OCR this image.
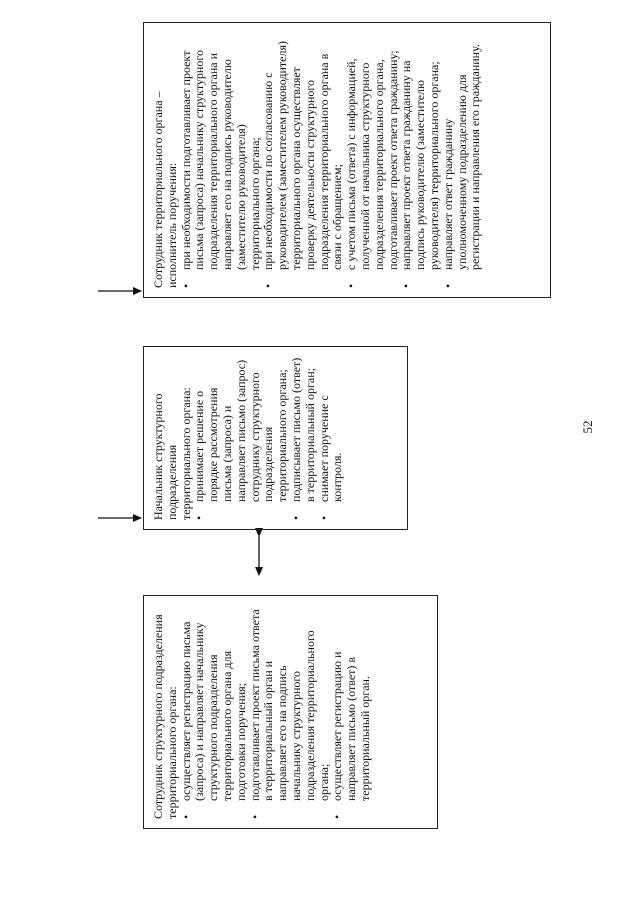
52

Сотрудник структурного подразделения территориального органа: • осуществляет регистрацию письма (запроса) и направляет начальнику структурного подразделения территориального органа для подготовки поручения; • подготавливает проект письма ответа в территориальный орган и направляет его на подпись начальнику структурного подразделения территориального органа; • осуществляет регистрацию и направляет письмо (ответ) в территориальный орган.

Начальник структурного подразделения территориального органа: • принимает решение о порядке рассмотрения письма (запроса) и направляет письмо (запрос) сотруднику структурного подразделения территориального органа; • подписывает письмо (ответ) в территориальный орган; • снимает поручение с контроля.

Сотрудник территориального органа – исполнитель поручения: • при необходимости подготавливает проект письма (запроса) начальнику структурного подразделения территориального органа и направляет его на подпись руководителю (заместителю руководителя) территориального органа; • при необходимости по согласованию с руководителем (заместителем руководителя) территориального органа осуществляет проверку деятельности структурного подразделения территориального органа в связи с обращением; • с учетом письма (ответа) с информацией, полученной от начальника структурного подразделения территориального органа, подготавливает проект ответа гражданину; • направляет проект ответа гражданину на подпись руководителю (заместителю руководителя) территориального органа; • направляет ответ гражданину уполномоченному подразделению для регистрации и направления его гражданину.
